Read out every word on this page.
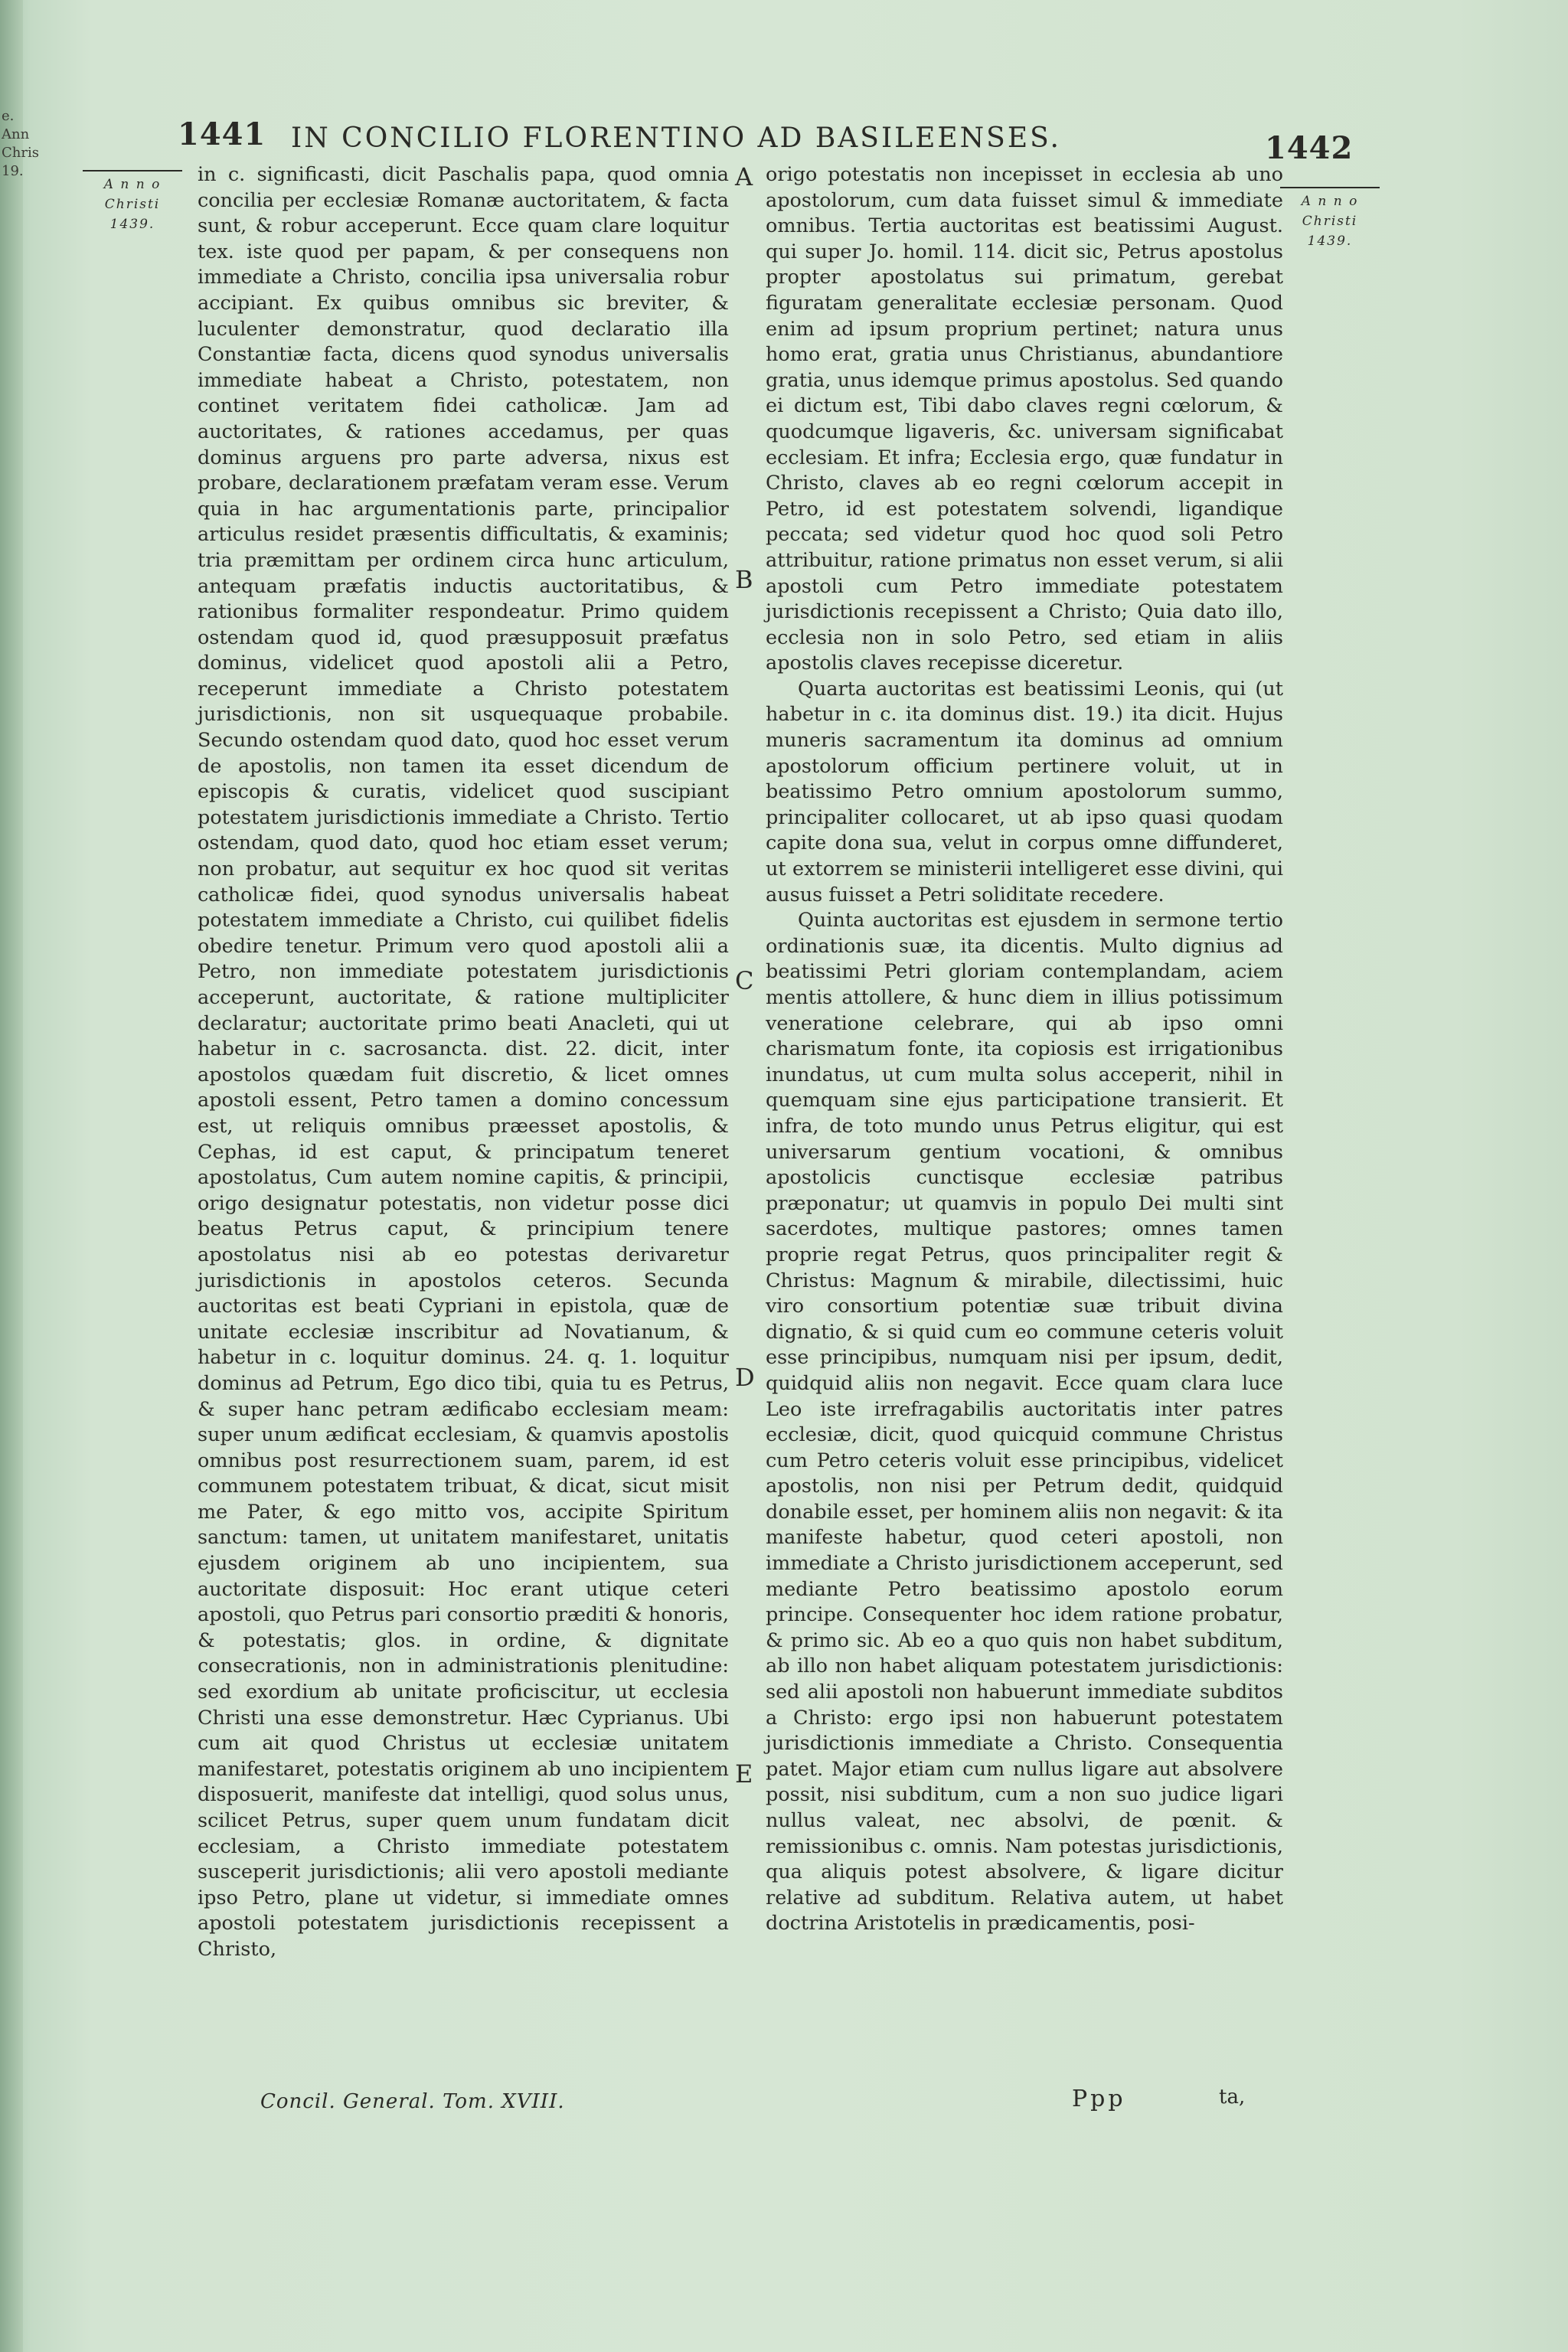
e.
Ann
Chris
19.
1441 IN CONCILIO FLORENTINO AD BASILEENSES.	1442
A n n o
Christi
1439.
A n n o
Christi
1439.

in c. significasti, dicit Paschalis papa, quod omnia concilia per ecclesiæ Romanæ auctoritatem, & facta sunt, & robur acceperunt. Ecce quam clare loquitur tex. iste quod per papam, & per consequens non immediate a Christo, concilia ipsa universalia robur accipiant. Ex quibus omnibus sic breviter, & luculenter demonstratur, quod declaratio illa Constantiæ facta, dicens quod synodus universalis immediate habeat a Christo, potestatem, non continet veritatem fidei catholicæ. Jam ad auctoritates, & rationes accedamus, per quas dominus arguens pro parte adversa, nixus est probare, declarationem præfatam veram esse. Verum quia in hac argumentationis parte, principalior articulus residet præsentis difficultatis, & examinis; tria præmittam per ordinem circa hunc articulum, antequam præfatis inductis auctoritatibus, & rationibus formaliter respondeatur. Primo quidem ostendam quod id, quod præsupposuit præfatus dominus, videlicet quod apostoli alii a Petro, receperunt immediate a Christo potestatem jurisdictionis, non sit usquequaque probabile. Secundo ostendam quod dato, quod hoc esset verum de apostolis, non tamen ita esset dicendum de episcopis & curatis, videlicet quod suscipiant potestatem jurisdictionis immediate a Christo. Tertio ostendam, quod dato, quod hoc etiam esset verum; non probatur, aut sequitur ex hoc quod sit veritas catholicæ fidei, quod synodus universalis habeat potestatem immediate a Christo, cui quilibet fidelis obedire tenetur. Primum vero quod apostoli alii a Petro, non immediate potestatem jurisdictionis acceperunt, auctoritate, & ratione multipliciter declaratur; auctoritate primo beati Anacleti, qui ut habetur in c. sacrosancta. dist. 22. dicit, inter apostolos quædam fuit discretio, & licet omnes apostoli essent, Petro tamen a domino concessum est, ut reliquis omnibus præesset apostolis, & Cephas, id est caput, & principatum teneret apostolatus, Cum autem nomine capitis, & principii, origo designatur potestatis, non videtur posse dici beatus Petrus caput, & principium tenere apostolatus nisi ab eo potestas derivaretur jurisdictionis in apostolos ceteros. Secunda auctoritas est beati Cypriani in epistola, quæ de unitate ecclesiæ inscribitur ad Novatianum, & habetur in c. loquitur dominus. 24. q. 1. loquitur dominus ad Petrum, Ego dico tibi, quia tu es Petrus, & super hanc petram ædificabo ecclesiam meam: super unum ædificat ecclesiam, & quamvis apostolis omnibus post resurrectionem suam, parem, id est communem potestatem tribuat, & dicat, sicut misit me Pater, & ego mitto vos, accipite Spiritum sanctum: tamen, ut unitatem manifestaret, unitatis ejusdem originem ab uno incipientem, sua auctoritate disposuit: Hoc erant utique ceteri apostoli, quo Petrus pari consortio præditi & honoris, & potestatis; glos. in ordine, & dignitate consecrationis, non in administrationis plenitudine: sed exordium ab unitate proficiscitur, ut ecclesia Christi una esse demonstretur. Hæc Cyprianus. Ubi cum ait quod Christus ut ecclesiæ unitatem manifestaret, potestatis originem ab uno incipientem disposuerit, manifeste dat intelligi, quod solus unus, scilicet Petrus, super quem unum fundatam dicit ecclesiam, a Christo immediate potestatem susceperit jurisdictionis; alii vero apostoli mediante ipso Petro, plane ut videtur, si immediate omnes apostoli potestatem jurisdictionis recepissent a Christo,

A
B
C
D
E

origo potestatis non incepisset in ecclesia ab uno apostolorum, cum data fuisset simul & immediate omnibus. Tertia auctoritas est beatissimi August. qui super Jo. homil. 114. dicit sic, Petrus apostolus propter apostolatus sui primatum, gerebat figuratam generalitate ecclesiæ personam. Quod enim ad ipsum proprium pertinet; natura unus homo erat, gratia unus Christianus, abundantiore gratia, unus idemque primus apostolus. Sed quando ei dictum est, Tibi dabo claves regni cœlorum, & quodcumque ligaveris, &c. universam significabat ecclesiam. Et infra; Ecclesia ergo, quæ fundatur in Christo, claves ab eo regni cœlorum accepit in Petro, id est potestatem solvendi, ligandique peccata; sed videtur quod hoc quod soli Petro attribuitur, ratione primatus non esset verum, si alii apostoli cum Petro immediate potestatem jurisdictionis recepissent a Christo; Quia dato illo, ecclesia non in solo Petro, sed etiam in aliis apostolis claves recepisse diceretur.

Quarta auctoritas est beatissimi Leonis, qui (ut habetur in c. ita dominus dist. 19.) ita dicit. Hujus muneris sacramentum ita dominus ad omnium apostolorum officium pertinere voluit, ut in beatissimo Petro omnium apostolorum summo, principaliter collocaret, ut ab ipso quasi quodam capite dona sua, velut in corpus omne diffunderet, ut extorrem se ministerii intelligeret esse divini, qui ausus fuisset a Petri soliditate recedere.

Quinta auctoritas est ejusdem in sermone tertio ordinationis suæ, ita dicentis. Multo dignius ad beatissimi Petri gloriam contemplandam, aciem mentis attollere, & hunc diem in illius potissimum veneratione celebrare, qui ab ipso omni charismatum fonte, ita copiosis est irrigationibus inundatus, ut cum multa solus acceperit, nihil in quemquam sine ejus participatione transierit. Et infra, de toto mundo unus Petrus eligitur, qui est universarum gentium vocationi, & omnibus apostolicis cunctisque ecclesiæ patribus præponatur; ut quamvis in populo Dei multi sint sacerdotes, multique pastores; omnes tamen proprie regat Petrus, quos principaliter regit & Christus: Magnum & mirabile, dilectissimi, huic viro consortium potentiæ suæ tribuit divina dignatio, & si quid cum eo commune ceteris voluit esse principibus, numquam nisi per ipsum, dedit, quidquid aliis non negavit. Ecce quam clara luce Leo iste irrefragabilis auctoritatis inter patres ecclesiæ, dicit, quod quicquid commune Christus cum Petro ceteris voluit esse principibus, videlicet apostolis, non nisi per Petrum dedit, quidquid donabile esset, per hominem aliis non negavit: & ita manifeste habetur, quod ceteri apostoli, non immediate a Christo jurisdictionem acceperunt, sed mediante Petro beatissimo apostolo eorum principe. Consequenter hoc idem ratione probatur, & primo sic. Ab eo a quo quis non habet subditum, ab illo non habet aliquam potestatem jurisdictionis: sed alii apostoli non habuerunt immediate subditos a Christo: ergo ipsi non habuerunt potestatem jurisdictionis immediate a Christo. Consequentia patet. Major etiam cum nullus ligare aut absolvere possit, nisi subditum, cum a non suo judice ligari nullus valeat, nec absolvi, de pœnit. & remissionibus c. omnis. Nam potestas jurisdictionis, qua aliquis potest absolvere, & ligare dicitur relative ad subditum. Relativa autem, ut habet doctrina Aristotelis in prædicamentis, posi-

Concil. General. Tom. XVIII.	Ppp	ta,
